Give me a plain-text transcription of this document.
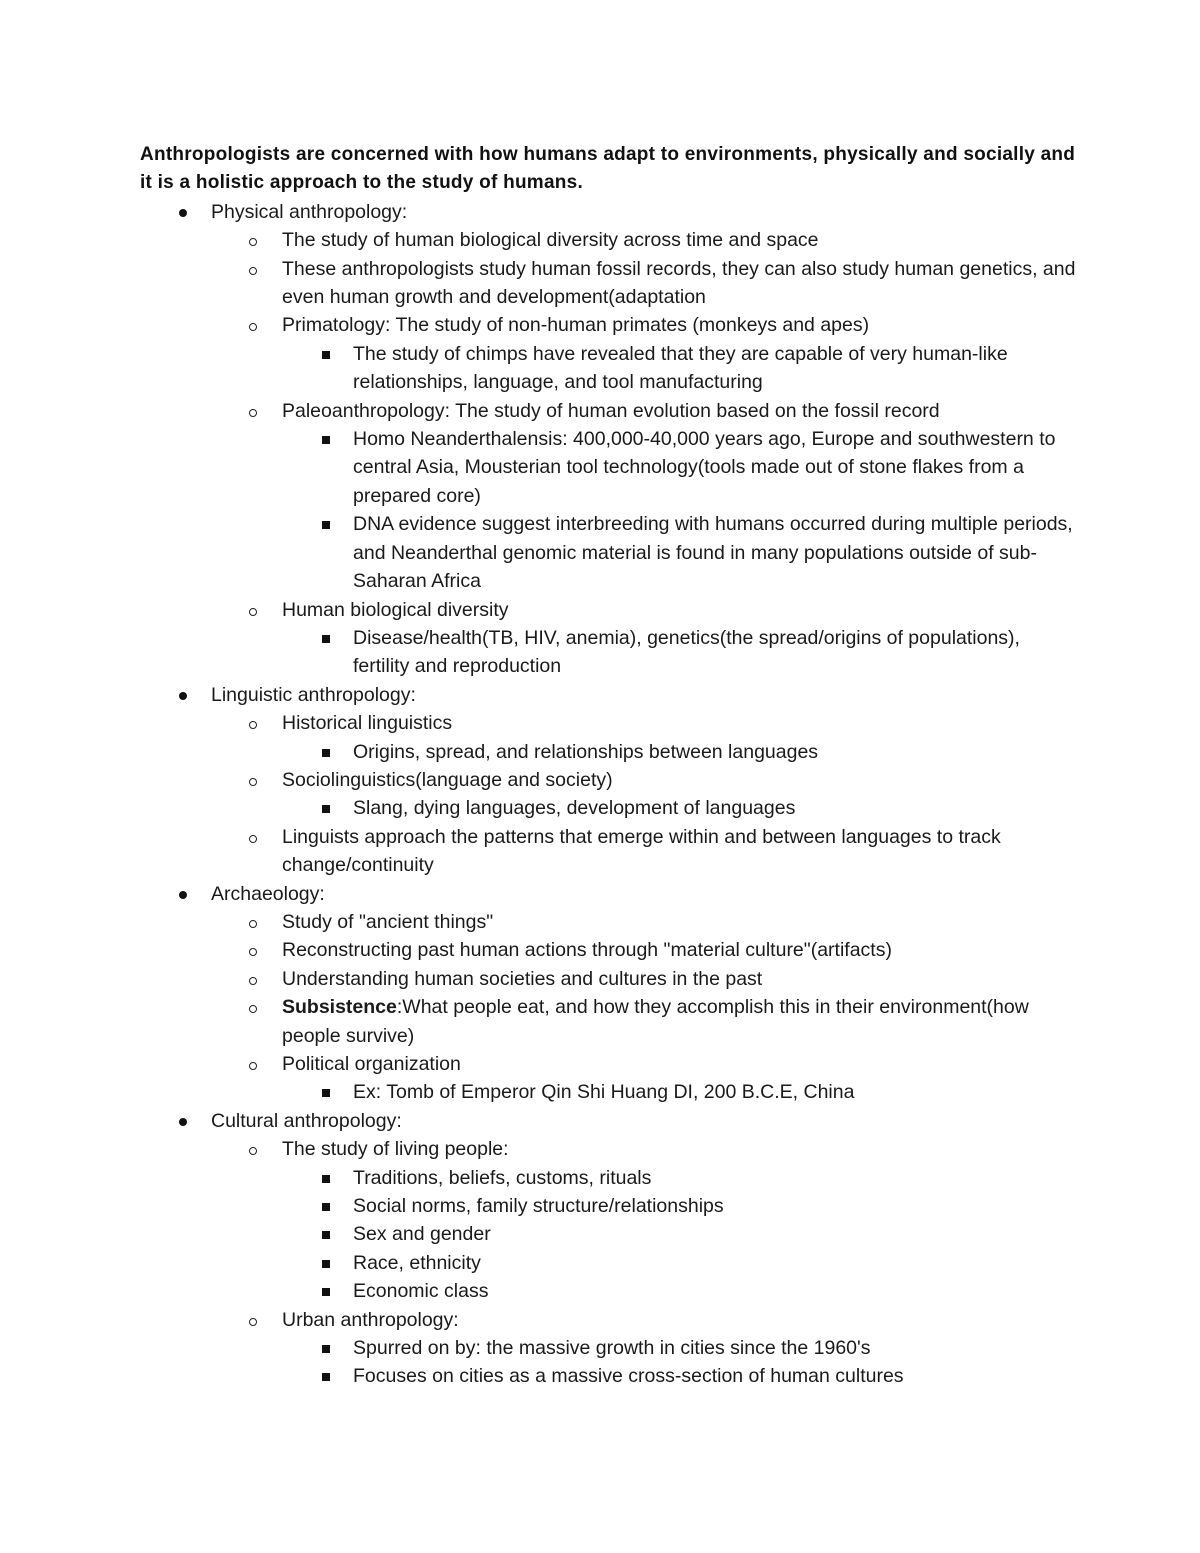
Anthropologists are concerned with how humans adapt to environments, physically and socially and it is a holistic approach to the study of humans.

Physical anthropology:
The study of human biological diversity across time and space
These anthropologists study human fossil records, they can also study human genetics, and even human growth and development(adaptation
Primatology: The study of non-human primates (monkeys and apes)
The study of chimps have revealed that they are capable of very human-like relationships, language, and tool manufacturing
Paleoanthropology: The study of human evolution based on the fossil record
Homo Neanderthalensis: 400,000-40,000 years ago, Europe and southwestern to central Asia, Mousterian tool technology(tools made out of stone flakes from a prepared core)
DNA evidence suggest interbreeding with humans occurred during multiple periods, and Neanderthal genomic material is found in many populations outside of sub-Saharan Africa
Human biological diversity
Disease/health(TB, HIV, anemia), genetics(the spread/origins of populations), fertility and reproduction
Linguistic anthropology:
Historical linguistics
Origins, spread, and relationships between languages
Sociolinguistics(language and society)
Slang, dying languages, development of languages
Linguists approach the patterns that emerge within and between languages to track change/continuity
Archaeology:
Study of "ancient things"
Reconstructing past human actions through "material culture"(artifacts)
Understanding human societies and cultures in the past
Subsistence:What people eat, and how they accomplish this in their environment(how people survive)
Political organization
Ex: Tomb of Emperor Qin Shi Huang DI, 200 B.C.E, China
Cultural anthropology:
The study of living people:
Traditions, beliefs, customs, rituals
Social norms, family structure/relationships
Sex and gender
Race, ethnicity
Economic class
Urban anthropology:
Spurred on by: the massive growth in cities since the 1960's
Focuses on cities as a massive cross-section of human cultures
